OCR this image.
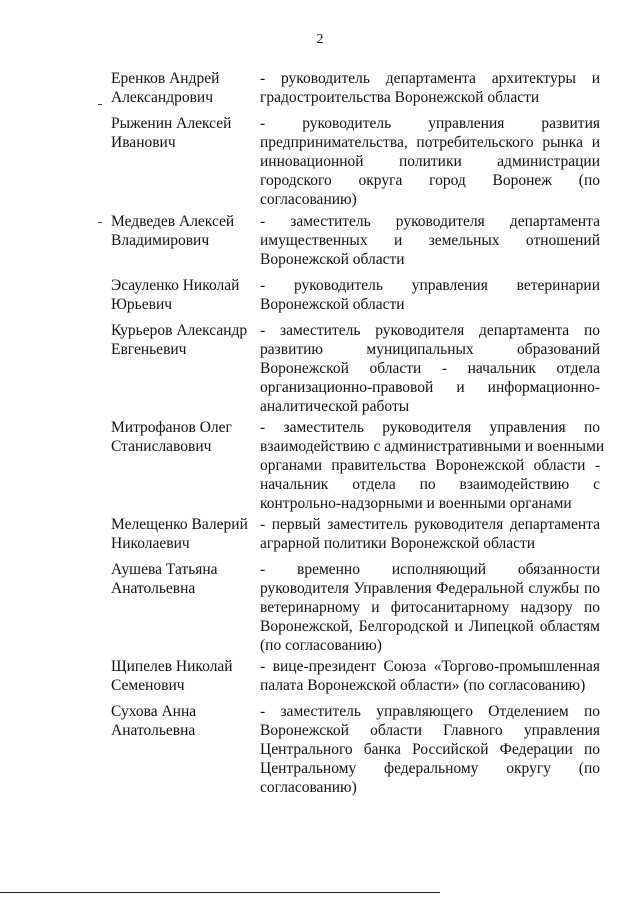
2
Еренков Андрей
Александрович
- руководитель департамента архитектуры и
градостроительства Воронежской области
Рыженин Алексей
Иванович
- руководитель управления развития
предпринимательства, потребительского рынка и
инновационной политики администрации
городского округа город Воронеж (по
согласованию)
Медведев Алексей
Владимирович
- заместитель руководителя департамента
имущественных и земельных отношений
Воронежской области
Эсауленко Николай
Юрьевич
- руководитель управления ветеринарии
Воронежской области
Курьеров Александр
Евгеньевич
- заместитель руководителя департамента по
развитию муниципальных образований
Воронежской области - начальник отдела
организационно-правовой и информационно-
аналитической работы
Митрофанов Олег
Станиславович
- заместитель руководителя управления по
взаимодействию с административными и военными
органами правительства Воронежской области -
начальник отдела по взаимодействию с
контрольно-надзорными и военными органами
Мелещенко Валерий
Николаевич
- первый заместитель руководителя департамента
аграрной политики Воронежской области
Аушева Татьяна
Анатольевна
- временно исполняющий обязанности
руководителя Управления Федеральной службы по
ветеринарному и фитосанитарному надзору по
Воронежской, Белгородской и Липецкой областям
(по согласованию)
Щипелев Николай
Семенович
- вице-президент Союза «Торгово-промышленная
палата Воронежской области» (по согласованию)
Сухова Анна
Анатольевна
- заместитель управляющего Отделением по
Воронежской области Главного управления
Центрального банка Российской Федерации по
Центральному федеральному округу (по
согласованию)
